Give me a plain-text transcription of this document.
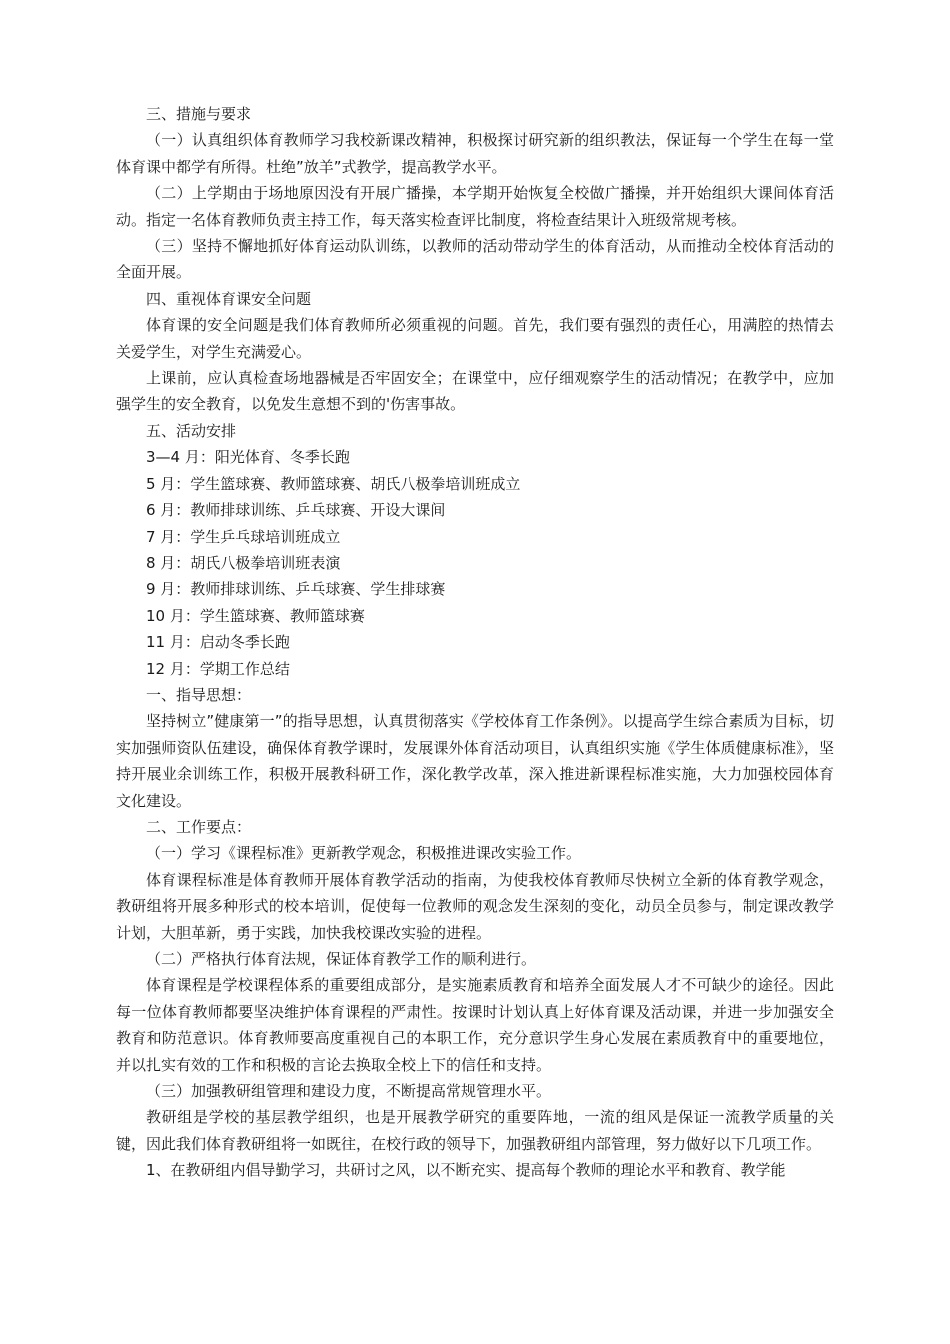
三、措施与要求

（一）认真组织体育教师学习我校新课改精神，积极探讨研究新的组织教法，保证每一个学生在每一堂体育课中都学有所得。杜绝”放羊”式教学，提高教学水平。

（二）上学期由于场地原因没有开展广播操，本学期开始恢复全校做广播操，并开始组织大课间体育活动。指定一名体育教师负责主持工作，每天落实检查评比制度，将检查结果计入班级常规考核。

（三）坚持不懈地抓好体育运动队训练，以教师的活动带动学生的体育活动，从而推动全校体育活动的全面开展。

四、重视体育课安全问题

体育课的安全问题是我们体育教师所必须重视的问题。首先，我们要有强烈的责任心，用满腔的热情去关爱学生，对学生充满爱心。

上课前，应认真检查场地器械是否牢固安全；在课堂中，应仔细观察学生的活动情况；在教学中，应加强学生的安全教育，以免发生意想不到的'伤害事故。

五、活动安排

3—4 月：阳光体育、冬季长跑

5 月：学生篮球赛、教师篮球赛、胡氏八极拳培训班成立

6 月：教师排球训练、乒乓球赛、开设大课间

7 月：学生乒乓球培训班成立

8 月：胡氏八极拳培训班表演

9 月：教师排球训练、乒乓球赛、学生排球赛

10 月：学生篮球赛、教师篮球赛

11 月：启动冬季长跑

12 月：学期工作总结

一、指导思想：

坚持树立”健康第一”的指导思想，认真贯彻落实《学校体育工作条例》。以提高学生综合素质为目标，切实加强师资队伍建设，确保体育教学课时，发展课外体育活动项目，认真组织实施《学生体质健康标准》，坚持开展业余训练工作，积极开展教科研工作，深化教学改革，深入推进新课程标准实施，大力加强校园体育文化建设。

二、工作要点：

（一）学习《课程标准》更新教学观念，积极推进课改实验工作。

体育课程标准是体育教师开展体育教学活动的指南，为使我校体育教师尽快树立全新的体育教学观念，教研组将开展多种形式的校本培训，促使每一位教师的观念发生深刻的变化，动员全员参与，制定课改教学计划，大胆革新，勇于实践，加快我校课改实验的进程。

（二）严格执行体育法规，保证体育教学工作的顺利进行。

体育课程是学校课程体系的重要组成部分，是实施素质教育和培养全面发展人才不可缺少的途径。因此每一位体育教师都要坚决维护体育课程的严肃性。按课时计划认真上好体育课及活动课，并进一步加强安全教育和防范意识。体育教师要高度重视自己的本职工作，充分意识学生身心发展在素质教育中的重要地位，并以扎实有效的工作和积极的言论去换取全校上下的信任和支持。

（三）加强教研组管理和建设力度，不断提高常规管理水平。

教研组是学校的基层教学组织，也是开展教学研究的重要阵地，一流的组风是保证一流教学质量的关键，因此我们体育教研组将一如既往，在校行政的领导下，加强教研组内部管理，努力做好以下几项工作。

1、在教研组内倡导勤学习，共研讨之风，以不断充实、提高每个教师的理论水平和教育、教学能
